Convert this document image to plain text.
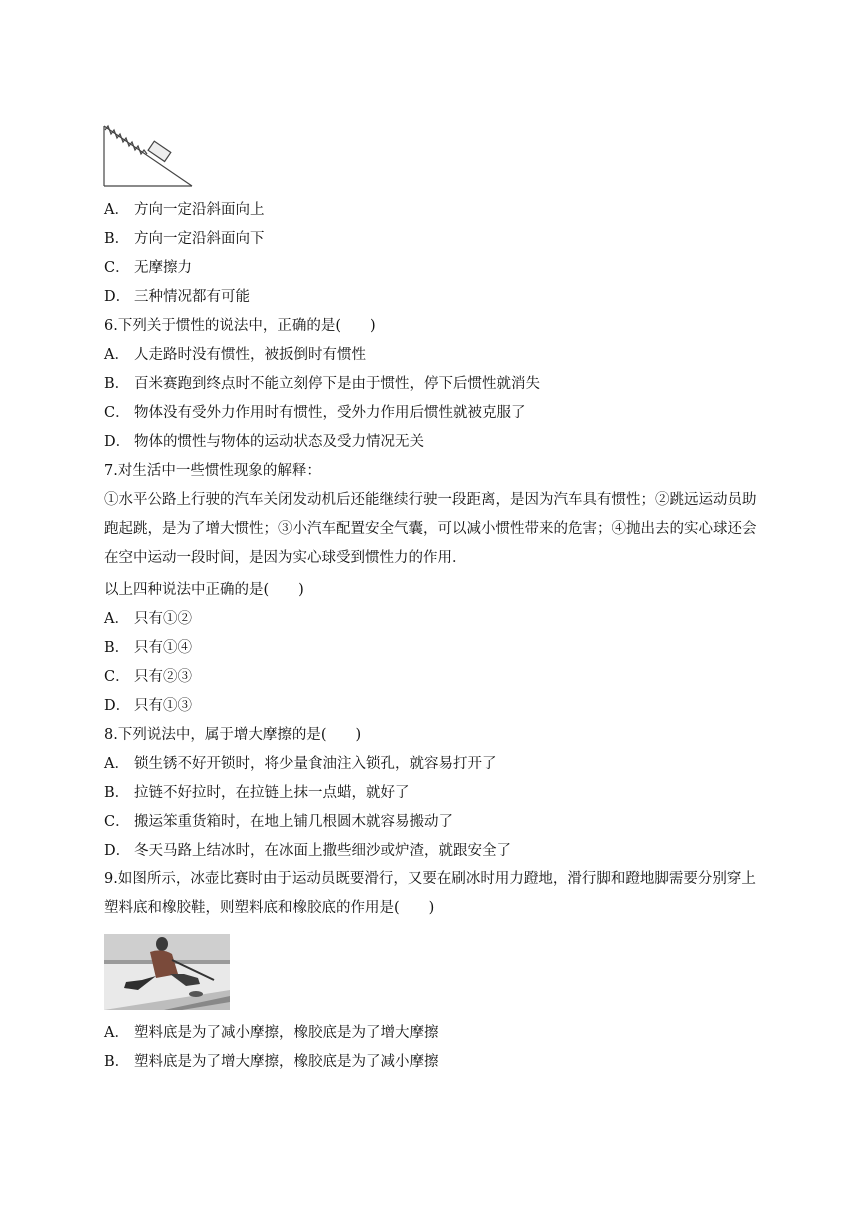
A． 方向一定沿斜面向上
B． 方向一定沿斜面向下
C． 无摩擦力
D． 三种情况都有可能
6.下列关于惯性的说法中，正确的是(　　)
A． 人走路时没有惯性，被扳倒时有惯性
B． 百米赛跑到终点时不能立刻停下是由于惯性，停下后惯性就消失
C． 物体没有受外力作用时有惯性，受外力作用后惯性就被克服了
D． 物体的惯性与物体的运动状态及受力情况无关
7.对生活中一些惯性现象的解释：
①水平公路上行驶的汽车关闭发动机后还能继续行驶一段距离，是因为汽车具有惯性；②跳远运动员助跑起跳，是为了增大惯性；③小汽车配置安全气囊，可以减小惯性带来的危害；④抛出去的实心球还会在空中运动一段时间，是因为实心球受到惯性力的作用．
以上四种说法中正确的是(　　)
A． 只有①②
B． 只有①④
C． 只有②③
D． 只有①③
8.下列说法中，属于增大摩擦的是(　　)
A． 锁生锈不好开锁时，将少量食油注入锁孔，就容易打开了
B． 拉链不好拉时，在拉链上抹一点蜡，就好了
C． 搬运笨重货箱时，在地上铺几根圆木就容易搬动了
D． 冬天马路上结冰时，在冰面上撒些细沙或炉渣，就跟安全了
9.如图所示，冰壶比赛时由于运动员既要滑行，又要在刷冰时用力蹬地，滑行脚和蹬地脚需要分别穿上塑料底和橡胶鞋，则塑料底和橡胶底的作用是(　　)
A． 塑料底是为了减小摩擦，橡胶底是为了增大摩擦
B． 塑料底是为了增大摩擦，橡胶底是为了减小摩擦
